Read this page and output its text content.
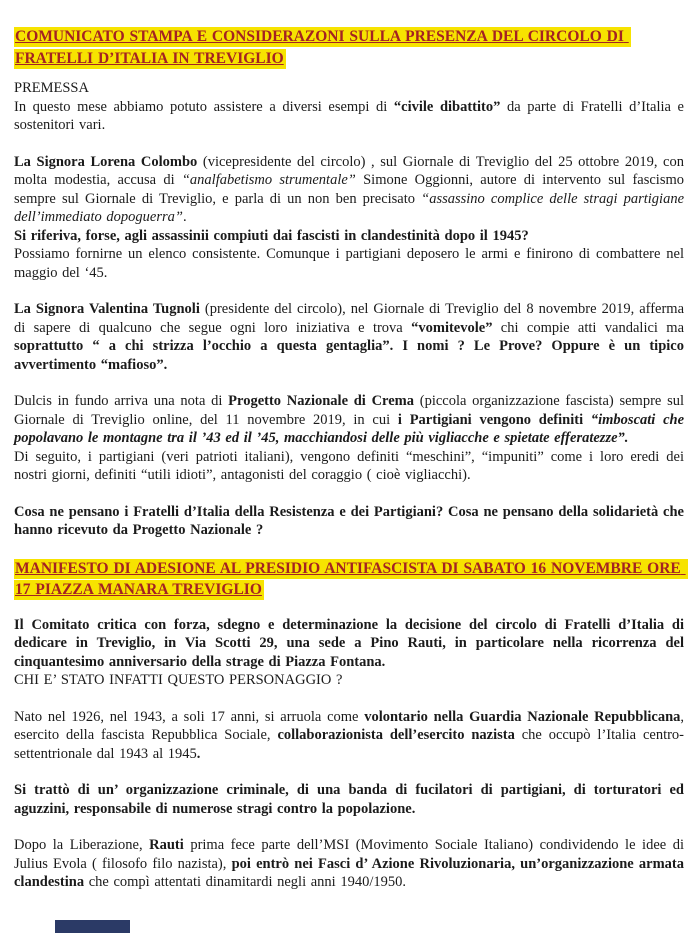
COMUNICATO STAMPA E CONSIDERAZONI SULLA PRESENZA DEL CIRCOLO DI FRATELLI D’ITALIA IN TREVIGLIO
PREMESSA
In questo mese abbiamo potuto assistere a diversi esempi di “civile dibattito” da parte di Fratelli d’Italia e sostenitori vari.
La Signora Lorena Colombo (vicepresidente del circolo) , sul Giornale di Treviglio del 25 ottobre 2019, con molta modestia, accusa di “analfabetismo strumentale” Simone Oggionni, autore di intervento sul fascismo sempre sul Giornale di Treviglio, e parla di un non ben precisato “assassino complice delle stragi partigiane dell’immediato dopoguerra”.
Si riferiva, forse, agli assassinii compiuti dai fascisti in clandestinità dopo il 1945?
Possiamo fornirne un elenco consistente. Comunque i partigiani deposero le armi e finirono di combattere nel maggio del ‘45.
La Signora Valentina Tugnoli (presidente del circolo), nel Giornale di Treviglio del 8 novembre 2019, afferma di sapere di qualcuno che segue ogni loro iniziativa e trova “vomitevole” chi compie atti vandalici ma soprattutto “ a chi strizza l’occhio a questa gentaglia”. I nomi ? Le Prove? Oppure è un tipico avvertimento “mafioso”.
Dulcis in fundo arriva una nota di Progetto Nazionale di Crema (piccola organizzazione fascista) sempre sul Giornale di Treviglio online, del 11 novembre 2019, in cui i Partigiani vengono definiti “imboscati che popolavano le montagne tra il ’43 ed il ’45, macchiandosi delle più vigliacche e spietate efferatezze”.
Di seguito, i partigiani (veri patrioti italiani), vengono definiti “meschini”, “impuniti” come i loro eredi dei nostri giorni, definiti “utili idioti”, antagonisti del coraggio ( cioè vigliacchi).
Cosa ne pensano i Fratelli d’Italia della Resistenza e dei Partigiani? Cosa ne pensano della solidarietà che hanno ricevuto da Progetto Nazionale ?
MANIFESTO DI ADESIONE AL PRESIDIO ANTIFASCISTA DI SABATO 16 NOVEMBRE ORE 17 PIAZZA MANARA TREVIGLIO
Il Comitato critica con forza, sdegno e determinazione la decisione del circolo di Fratelli d’Italia di dedicare in Treviglio, in Via Scotti 29, una sede a Pino Rauti, in particolare nella ricorrenza del cinquantesimo anniversario della strage di Piazza Fontana.
CHI E’ STATO INFATTI QUESTO PERSONAGGIO ?
Nato nel 1926, nel 1943, a soli 17 anni, si arruola come volontario nella Guardia Nazionale Repubblicana, esercito della fascista Repubblica Sociale, collaborazionista dell’esercito nazista che occupò l’Italia centro-settentrionale dal 1943 al 1945.
Si trattò di un’ organizzazione criminale, di una banda di fucilatori di partigiani, di torturatori ed aguzzini, responsabile di numerose stragi contro la popolazione.
Dopo la Liberazione, Rauti prima fece parte dell’MSI (Movimento Sociale Italiano) condividendo le idee di Julius Evola ( filosofo filo nazista), poi entrò nei Fasci d’ Azione Rivoluzionaria, un’organizzazione armata clandestina che compì attentati dinamitardi negli anni 1940/1950.
